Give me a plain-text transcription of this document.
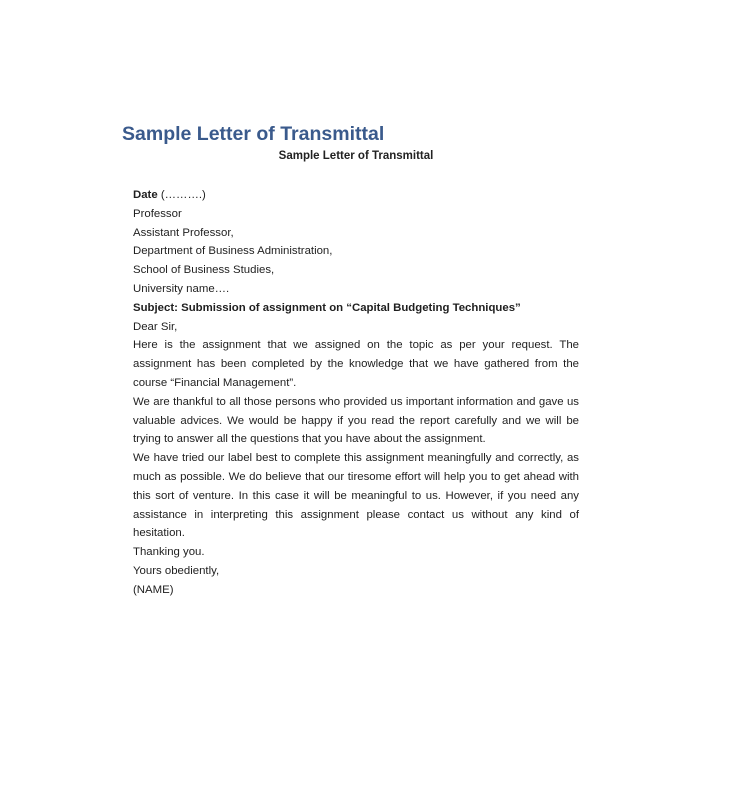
Sample Letter of Transmittal
Sample Letter of Transmittal
Date (……….)
Professor
Assistant Professor,
Department of Business Administration,
School of Business Studies,
University name….
Subject: Submission of assignment on “Capital Budgeting Techniques”
Dear Sir,
Here is the assignment that we assigned on the topic as per your request. The assignment has been completed by the knowledge that we have gathered from the course “Financial Management”.
We are thankful to all those persons who provided us important information and gave us valuable advices. We would be happy if you read the report carefully and we will be trying to answer all the questions that you have about the assignment.
We have tried our label best to complete this assignment meaningfully and correctly, as much as possible. We do believe that our tiresome effort will help you to get ahead with this sort of venture. In this case it will be meaningful to us. However, if you need any assistance in interpreting this assignment please contact us without any kind of hesitation.
Thanking you.
Yours obediently,
(NAME)
